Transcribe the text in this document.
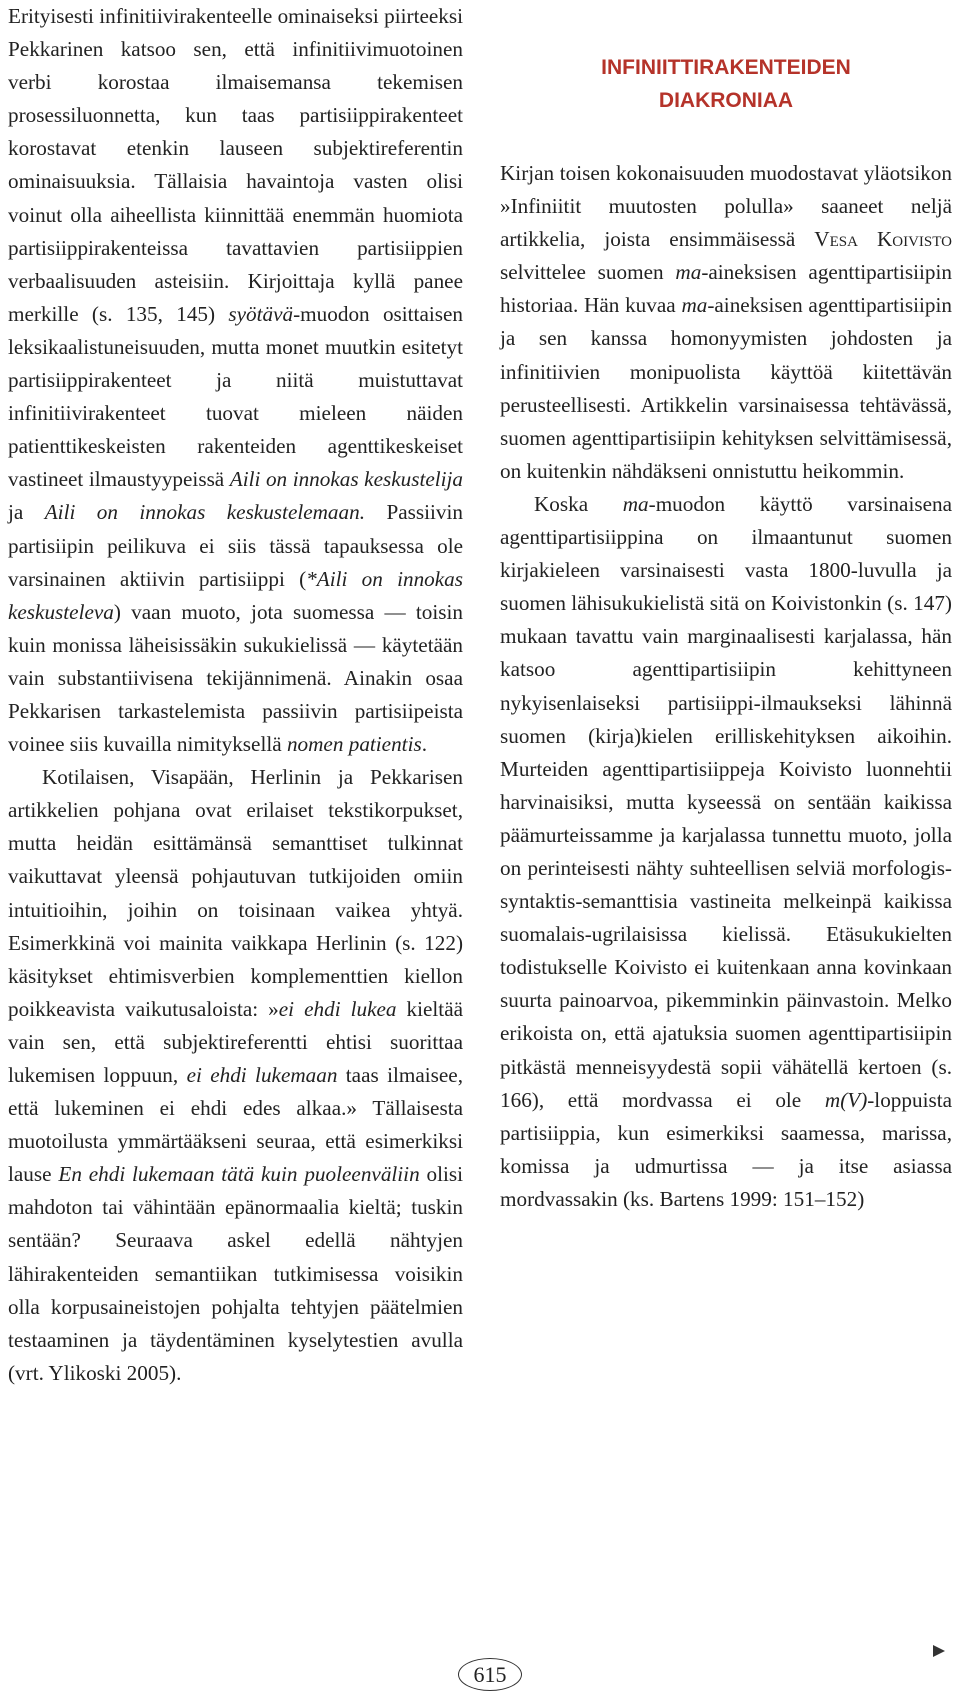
Erityisesti infinitiivirakenteelle ominaiseksi piirteeksi Pekkarinen katsoo sen, että infinitiivimuotoinen verbi korostaa ilmaisemansa tekemisen prosessiluonnetta, kun taas partisiippirakenteet korostavat etenkin lauseen subjektireferentin ominaisuuksia. Tällaisia havaintoja vasten olisi voinut olla aiheellista kiinnittää enemmän huomiota partisiippirakenteissa tavattavien partisiippien verbaalisuuden asteisiin. Kirjoittaja kyllä panee merkille (s. 135, 145) syötävä-muodon osittaisen leksikaalistuneisuuden, mutta monet muutkin esitetyt partisiippirakenteet ja niitä muistuttavat infinitiivirakenteet tuovat mieleen näiden patienttikeskeisten rakenteiden agenttikeskeiset vastineet ilmaustyypeissä Aili on innokas keskustelija ja Aili on innokas keskustelemaan. Passiivin partisiipin peilikuva ei siis tässä tapauksessa ole varsinainen aktiivin partisiippi (*Aili on innokas keskusteleva) vaan muoto, jota suomessa — toisin kuin monissa läheisissäkin sukukielissä — käytetään vain substantiivisena tekijännimenä. Ainakin osaa Pekkarisen tarkastelemista passiivin partisiipeista voinee siis kuvailla nimityksellä nomen patientis.

Kotilaisen, Visapään, Herlinin ja Pekkarisen artikkelien pohjana ovat erilaiset tekstikorpukset, mutta heidän esittämänsä semanttiset tulkinnat vaikuttavat yleensä pohjautuvan tutkijoiden omiin intuitioihin, joihin on toisinaan vaikea yhtyä. Esimerkkinä voi mainita vaikkapa Herlinin (s. 122) käsitykset ehtimisverbien komplementtien kiellon poikkeavista vaikutusaloista: »ei ehdi lukea kieltää vain sen, että subjektireferentti ehtisi suorittaa lukemisen loppuun, ei ehdi lukemaan taas ilmaisee, että lukeminen ei ehdi edes alkaa.» Tällaisesta muotoilusta ymmärtääkseni seuraa, että esimerkiksi lause En ehdi lukemaan tätä kuin puoleenväliin olisi mahdoton tai vähintään epänormaalia kieltä; tuskin sentään? Seuraava askel edellä nähtyjen lähirakenteiden semantiikan tutkimisessa voisikin olla korpusaineistojen pohjalta tehtyjen päätelmien testaaminen ja täydentäminen kyselytestien avulla (vrt. Ylikoski 2005).

INFINIITTIRAKENTEIDEN
DIAKRONIAA

Kirjan toisen kokonaisuuden muodostavat yläotsikon »Infiniitit muutosten polulla» saaneet neljä artikkelia, joista ensimmäisessä Vesa Koivisto selvittelee suomen ma-aineksisen agenttipartisiipin historiaa. Hän kuvaa ma-aineksisen agenttipartisiipin ja sen kanssa homonyymisten johdosten ja infinitiivien monipuolista käyttöä kiitettävän perusteellisesti. Artikkelin varsinaisessa tehtävässä, suomen agenttipartisiipin kehityksen selvittämisessä, on kuitenkin nähdäkseni onnistuttu heikommin.

Koska ma-muodon käyttö varsinaisena agenttipartisiippina on ilmaantunut suomen kirjakieleen varsinaisesti vasta 1800-luvulla ja suomen lähisukukielistä sitä on Koivistonkin (s. 147) mukaan tavattu vain marginaalisesti karjalassa, hän katsoo agenttipartisiipin kehittyneen nykyisenlaiseksi partisiippi-ilmaukseksi lähinnä suomen (kirja)kielen erilliskehityksen aikoihin. Murteiden agenttipartisiippeja Koivisto luonnehtii harvinaisiksi, mutta kyseessä on sentään kaikissa päämurteissamme ja karjalassa tunnettu muoto, jolla on perinteisesti nähty suhteellisen selviä morfologis-syntaktis-semanttisia vastineita melkeinpä kaikissa suomalais-ugrilaisissa kielissä. Etäsukukielten todistukselle Koivisto ei kuitenkaan anna kovinkaan suurta painoarvoa, pikemminkin päinvastoin. Melko erikoista on, että ajatuksia suomen agenttipartisiipin pitkästä menneisyydestä sopii vähätellä kertoen (s. 166), että mordvassa ei ole m(V)-loppuista partisiippia, kun esimerkiksi saamessa, marissa, komissa ja udmurtissa — ja itse asiassa mordvassakin (ks. Bartens 1999: 151–152)

615
